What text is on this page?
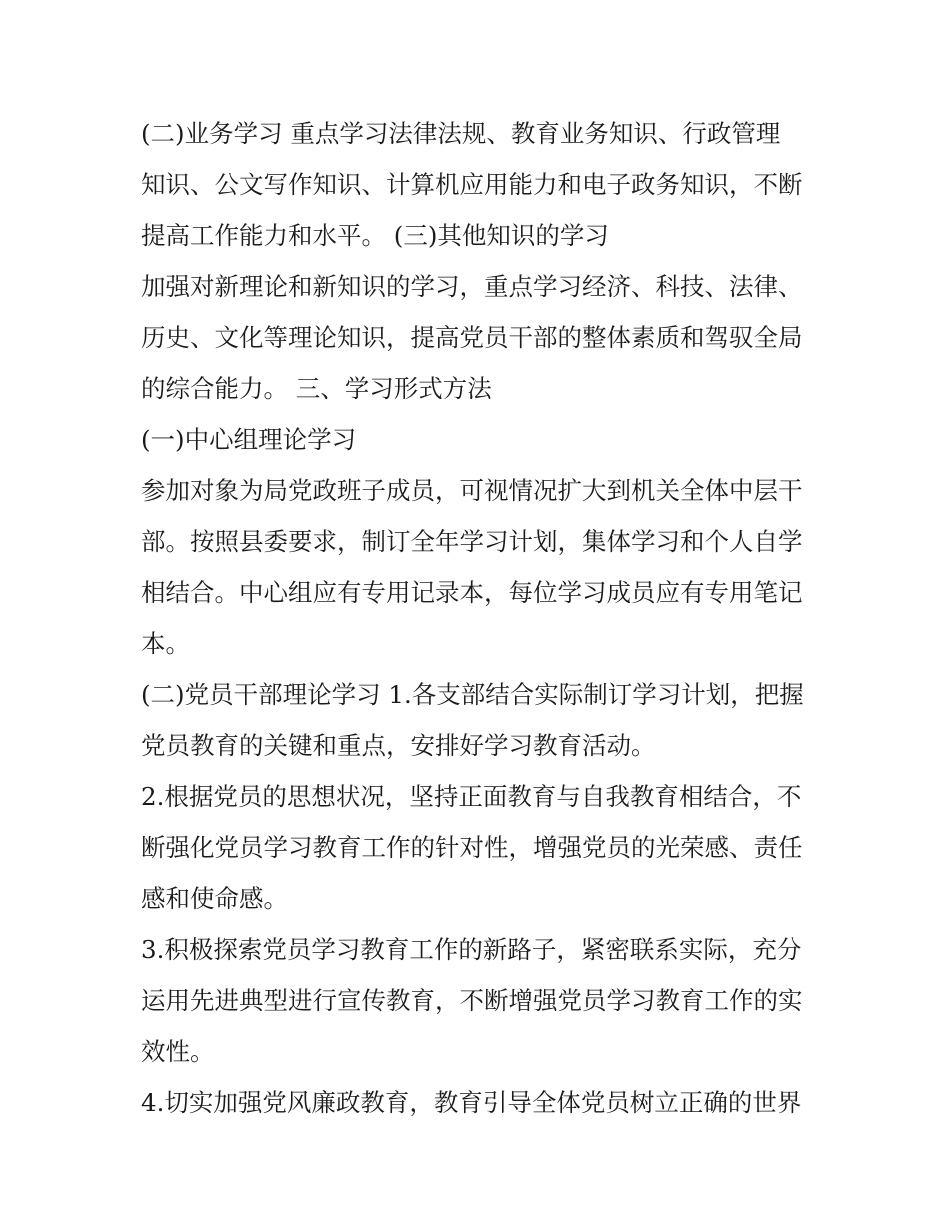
(二)业务学习 重点学习法律法规、教育业务知识、行政管理
知识、公文写作知识、计算机应用能力和电子政务知识，不断
提高工作能力和水平。 (三)其他知识的学习
加强对新理论和新知识的学习，重点学习经济、科技、法律、
历史、文化等理论知识，提高党员干部的整体素质和驾驭全局
的综合能力。 三、学习形式方法
(一)中心组理论学习
参加对象为局党政班子成员，可视情况扩大到机关全体中层干
部。按照县委要求，制订全年学习计划，集体学习和个人自学
相结合。中心组应有专用记录本，每位学习成员应有专用笔记
本。
(二)党员干部理论学习 1.各支部结合实际制订学习计划，把握
党员教育的关键和重点，安排好学习教育活动。
2.根据党员的思想状况，坚持正面教育与自我教育相结合，不
断强化党员学习教育工作的针对性，增强党员的光荣感、责任
感和使命感。
3.积极探索党员学习教育工作的新路子，紧密联系实际，充分
运用先进典型进行宣传教育，不断增强党员学习教育工作的实
效性。
4.切实加强党风廉政教育，教育引导全体党员树立正确的世界
